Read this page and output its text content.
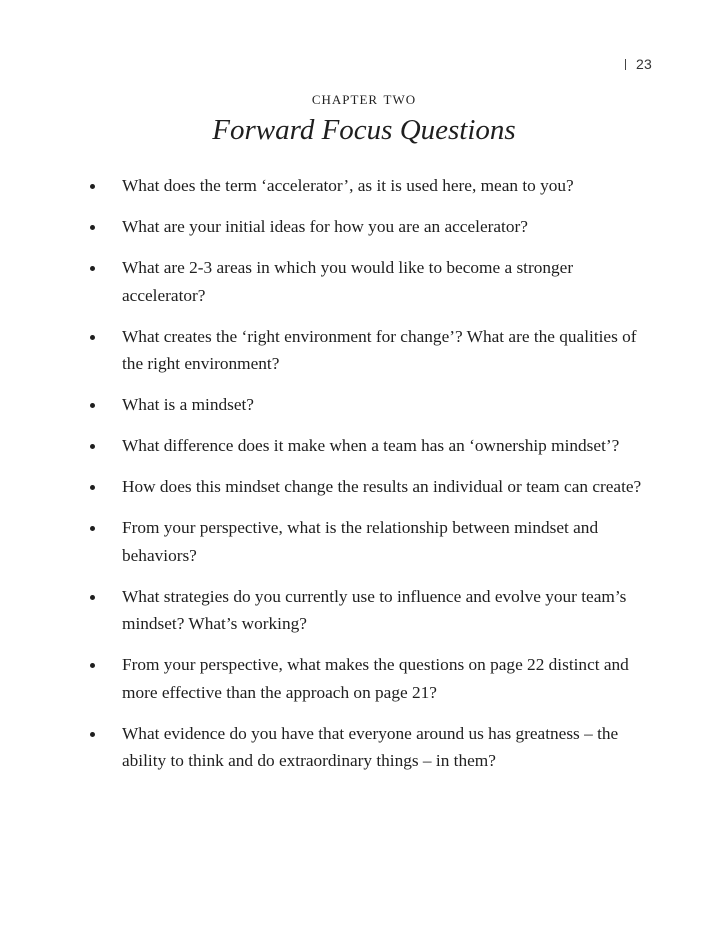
23
chapter two
Forward Focus Questions
What does the term ‘accelerator’, as it is used here, mean to you?
What are your initial ideas for how you are an accelerator?
What are 2-3 areas in which you would like to become a stronger accelerator?
What creates the ‘right environment for change’? What are the qualities of the right environment?
What is a mindset?
What difference does it make when a team has an ‘ownership mindset’?
How does this mindset change the results an individual or team can create?
From your perspective, what is the relationship between mindset and behaviors?
What strategies do you currently use to influence and evolve your team’s mindset? What’s working?
From your perspective, what makes the questions on page 22 distinct and more effective than the approach on page 21?
What evidence do you have that everyone around us has greatness – the ability to think and do extraordinary things – in them?
